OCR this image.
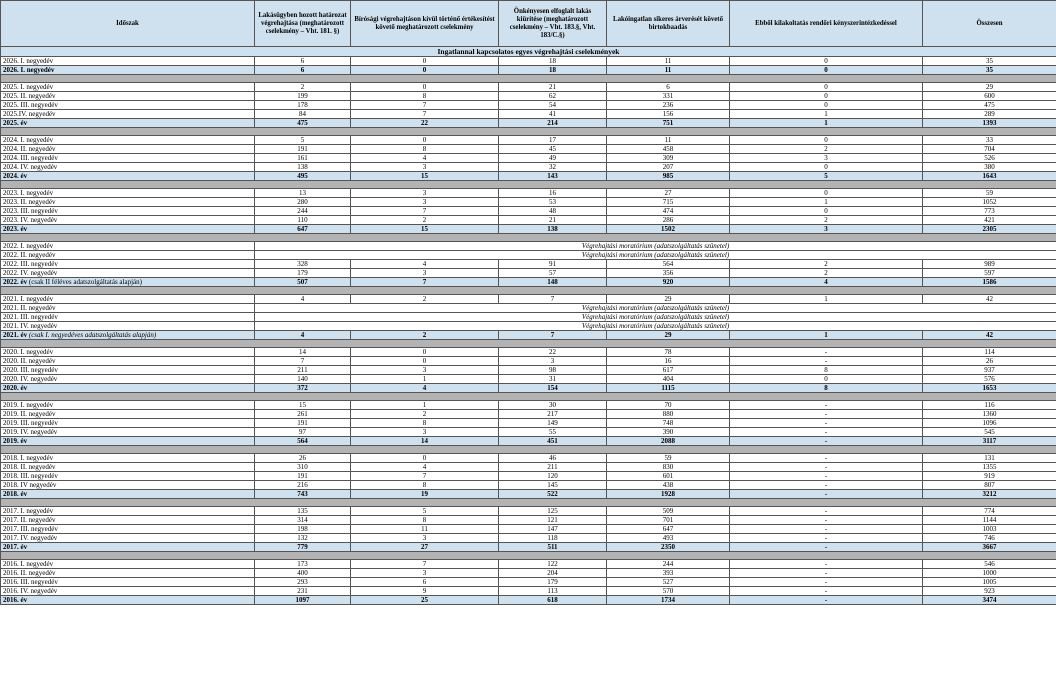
Ingatlannal kapcsolatos egyes végrehajtási cselekmények						
Időszak	Lakásügyben hozott határozat végrehajtása (meghatározott cselekmény – Vht. 181. §)	Bírósági végrehajtáson kívül történő értékesítést követő meghatározott cselekmény	Önkényesen elfoglalt lakás kiürítése (meghatározott cselekmény – Vht. 183.§, Vht. 183/C.§)	Lakóingatlan sikeres árverését követő birtokbaadás	Ebből kilakoltatás rendőri kényszerintézkedéssel	Összesen
2026. I. negyedév	6	0	18	11	0	35
2026. I. negyedév	6	0	18	11	0	35

2025. I. negyedév	2	0	21	6	0	29
2025. II. negyedév	199	8	62	331	0	600
2025. III. negyedév	178	7	54	236	0	475
2025.IV. negyedév	84	7	41	156	1	289
2025. év	475	22	214	751	1	1393

2024. I. negyedév	5	0	17	11	0	33
2024. II. negyedév	191	8	45	458	2	704
2024. III. negyedév	161	4	49	309	3	526
2024. IV. negyedév	138	3	32	207	0	380
2024. év	495	15	143	985	5	1643

2023. I. negyedév	13	3	16	27	0	59
2023. II. negyedév	280	3	53	715	1	1052
2023. III. negyedév	244	7	48	474	0	773
2023. IV. negyedév	110	2	21	286	2	421
2023. év	647	15	138	1502	3	2305

2022. I. negyedév	Végrehajtási moratórium (adatszolgáltatás szünetel)					
2022. II. negyedév	Végrehajtási moratórium (adatszolgáltatás szünetel)					
2022. III. negyedév	328	4	91	564	2	989
2022. IV. negyedév	179	3	57	356	2	597
2022. év (csak II féléves adatszolgáltatás alapján)	507	7	148	920	4	1586

2021. I. negyedév	4	2	7	29	1	42
2021. II. negyedév	Végrehajtási moratórium (adatszolgáltatás szünetel)					
2021. III. negyedév	Végrehajtási moratórium (adatszolgáltatás szünetel)					
2021. IV. negyedév	Végrehajtási moratórium (adatszolgáltatás szünetel)					
2021. év (csak I. negyedéves adatszolgáltatás alapján)	4	2	7	29	1	42

2020. I. negyedév	14	0	22	78	-	114
2020. II. negyedév	7	0	3	16	-	26
2020. III. negyedév	211	3	98	617	8	937
2020. IV. negyedév	140	1	31	404	0	576
2020. év	372	4	154	1115	8	1653

2019. I. negyedév	15	1	30	70	-	116
2019. II. negyedév	261	2	217	880	-	1360
2019. III. negyedév	191	8	149	748	-	1096
2019. IV. negyedév	97	3	55	390	-	545
2019. év	564	14	451	2088	-	3117

2018. I. negyedév	26	0	46	59	-	131
2018. II. negyedév	310	4	211	830	-	1355
2018. III. negyedév	191	7	120	601	-	919
2018. IV negyedév	216	8	145	438	-	807
2018. év	743	19	522	1928	-	3212

2017. I. negyedév	135	5	125	509	-	774
2017. II. negyedév	314	8	121	701	-	1144
2017. III. negyedév	198	11	147	647	-	1003
2017. IV. negyedév	132	3	118	493	-	746
2017. év	779	27	511	2350	-	3667

2016. I. negyedév	173	7	122	244	-	546
2016. II. negyedév	400	3	204	393	-	1000
2016. III. negyedév	293	6	179	527	-	1005
2016. IV. negyedév	231	9	113	570	-	923
2016. év	1097	25	618	1734	-	3474
